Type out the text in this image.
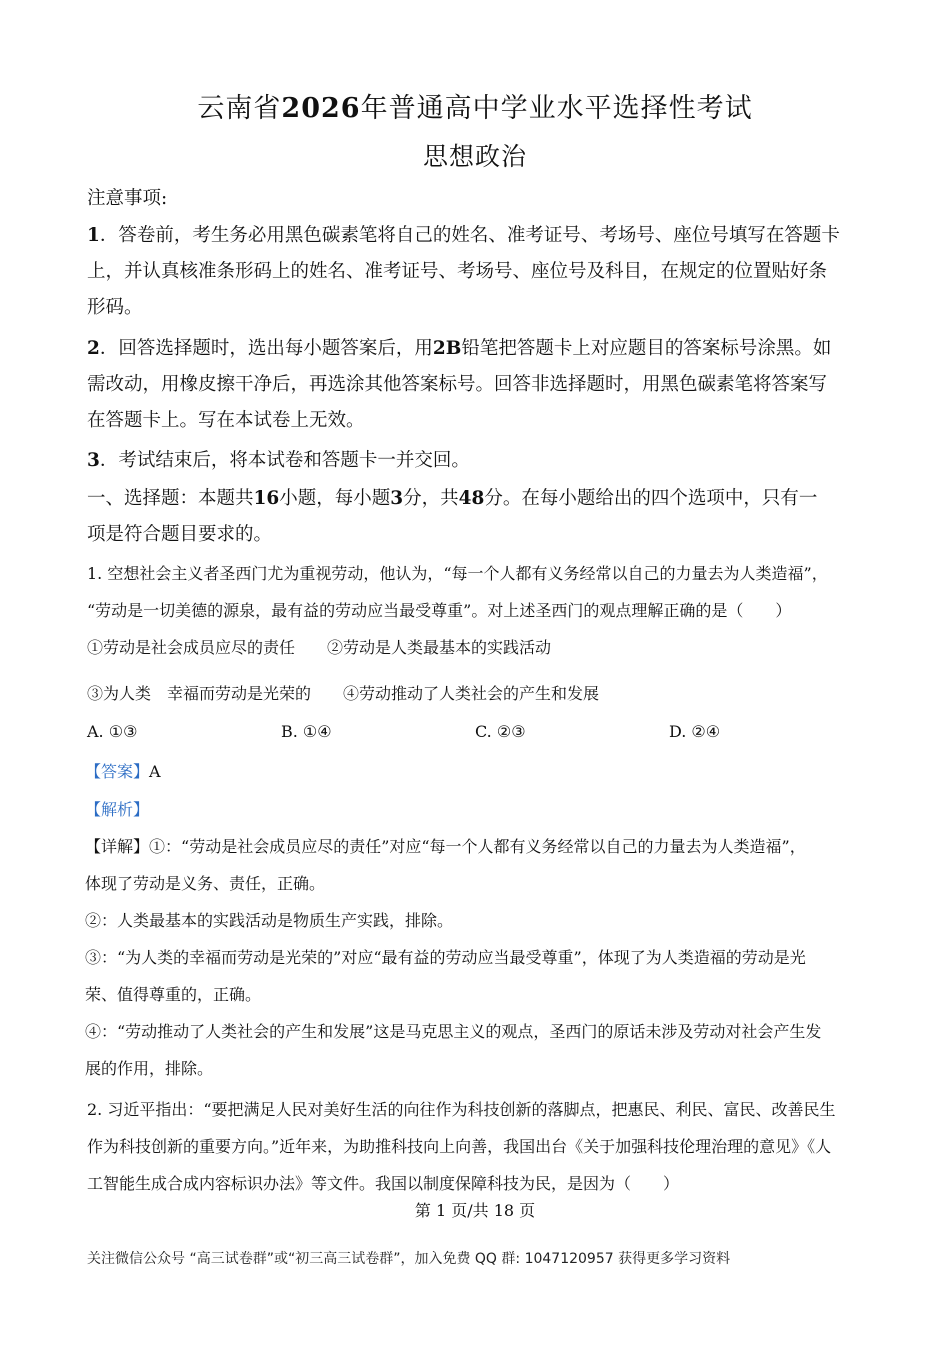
云南省2026年普通高中学业水平选择性考试
思想政治
注意事项:
1．答卷前，考生务必用黑色碳素笔将自己的姓名、准考证号、考场号、座位号填写在答题卡
上，并认真核准条形码上的姓名、准考证号、考场号、座位号及科目，在规定的位置贴好条
形码。
2．回答选择题时，选出每小题答案后，用2B铅笔把答题卡上对应题目的答案标号涂黑。如
需改动，用橡皮擦干净后，再选涂其他答案标号。回答非选择题时，用黑色碳素笔将答案写
在答题卡上。写在本试卷上无效。
3．考试结束后，将本试卷和答题卡一并交回。
一、选择题：本题共16小题，每小题3分，共48分。在每小题给出的四个选项中，只有一
项是符合题目要求的。
1. 空想社会主义者圣西门尤为重视劳动，他认为，“每一个人都有义务经常以自己的力量去为人类造福”，
“劳动是一切美德的源泉，最有益的劳动应当最受尊重”。对上述圣西门的观点理解正确的是（　　）
①劳动是社会成员应尽的责任　　②劳动是人类最基本的实践活动
③为人类　幸福而劳动是光荣的　　④劳动推动了人类社会的产生和发展
A. ①③	B. ①④	C. ②③	D. ②④
【答案】A
【解析】
【详解】①：“劳动是社会成员应尽的责任”对应“每一个人都有义务经常以自己的力量去为人类造福”，
体现了劳动是义务、责任，正确。
②：人类最基本的实践活动是物质生产实践，排除。
③：“为人类的幸福而劳动是光荣的”对应“最有益的劳动应当最受尊重”，体现了为人类造福的劳动是光
荣、值得尊重的，正确。
④：“劳动推动了人类社会的产生和发展”这是马克思主义的观点，圣西门的原话未涉及劳动对社会产生发
展的作用，排除。
2. 习近平指出：“要把满足人民对美好生活的向往作为科技创新的落脚点，把惠民、利民、富民、改善民生
作为科技创新的重要方向。”近年来，为助推科技向上向善，我国出台《关于加强科技伦理治理的意见》《人
工智能生成合成内容标识办法》等文件。我国以制度保障科技为民，是因为（　　）
第 1 页/共 18 页
关注微信公众号 “高三试卷群”或“初三高三试卷群”，加入免费 QQ 群: 1047120957 获得更多学习资料
